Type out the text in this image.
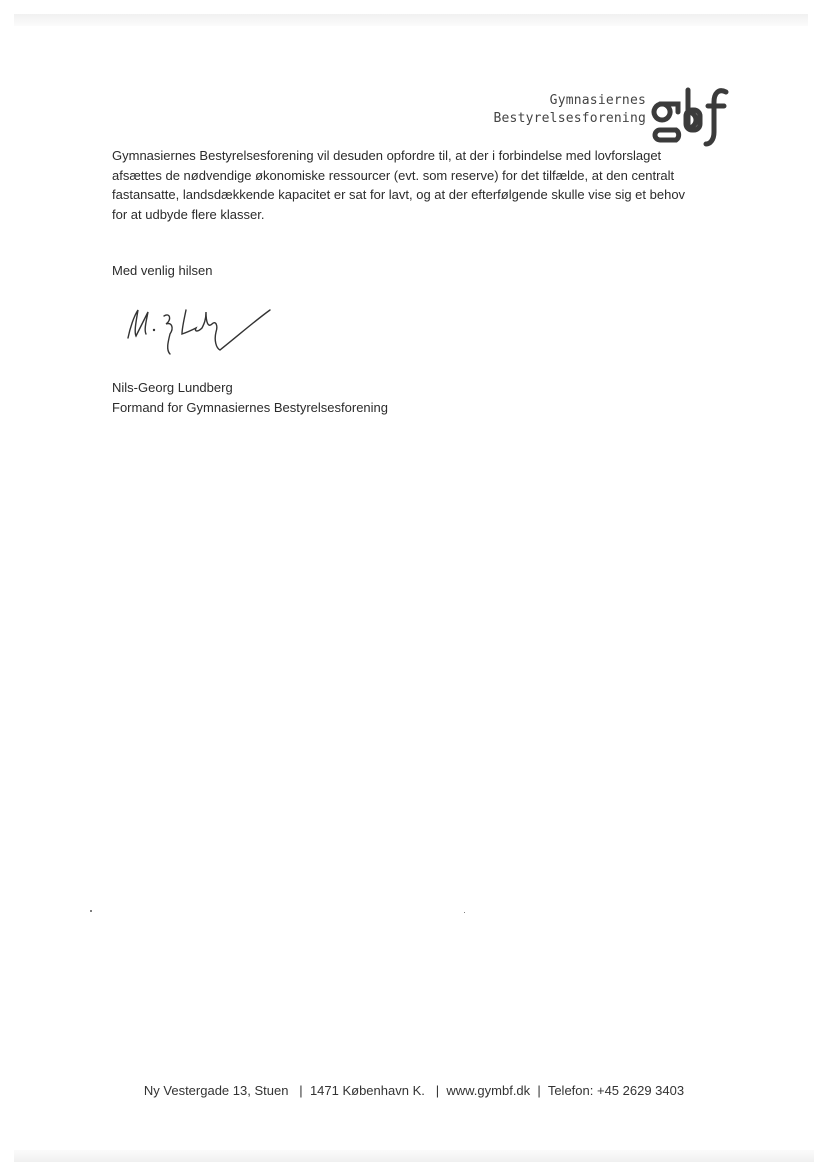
Gymnasiernes
Bestyrelsesforening

Gymnasiernes Bestyrelsesforening vil desuden opfordre til, at der i forbindelse med lovforslaget

afsættes de nødvendige økonomiske ressourcer (evt. som reserve) for det tilfælde, at den centralt

fastansatte, landsdækkende kapacitet er sat for lavt, og at der efterfølgende skulle vise sig et behov

for at udbyde flere klasser.

Med venlig hilsen
Nils-Georg Lundberg
Formand for Gymnasiernes Bestyrelsesforening
Ny Vestergade 13, Stuen | 1471 København K. | www.gymbf.dk | Telefon: +45 2629 3403
